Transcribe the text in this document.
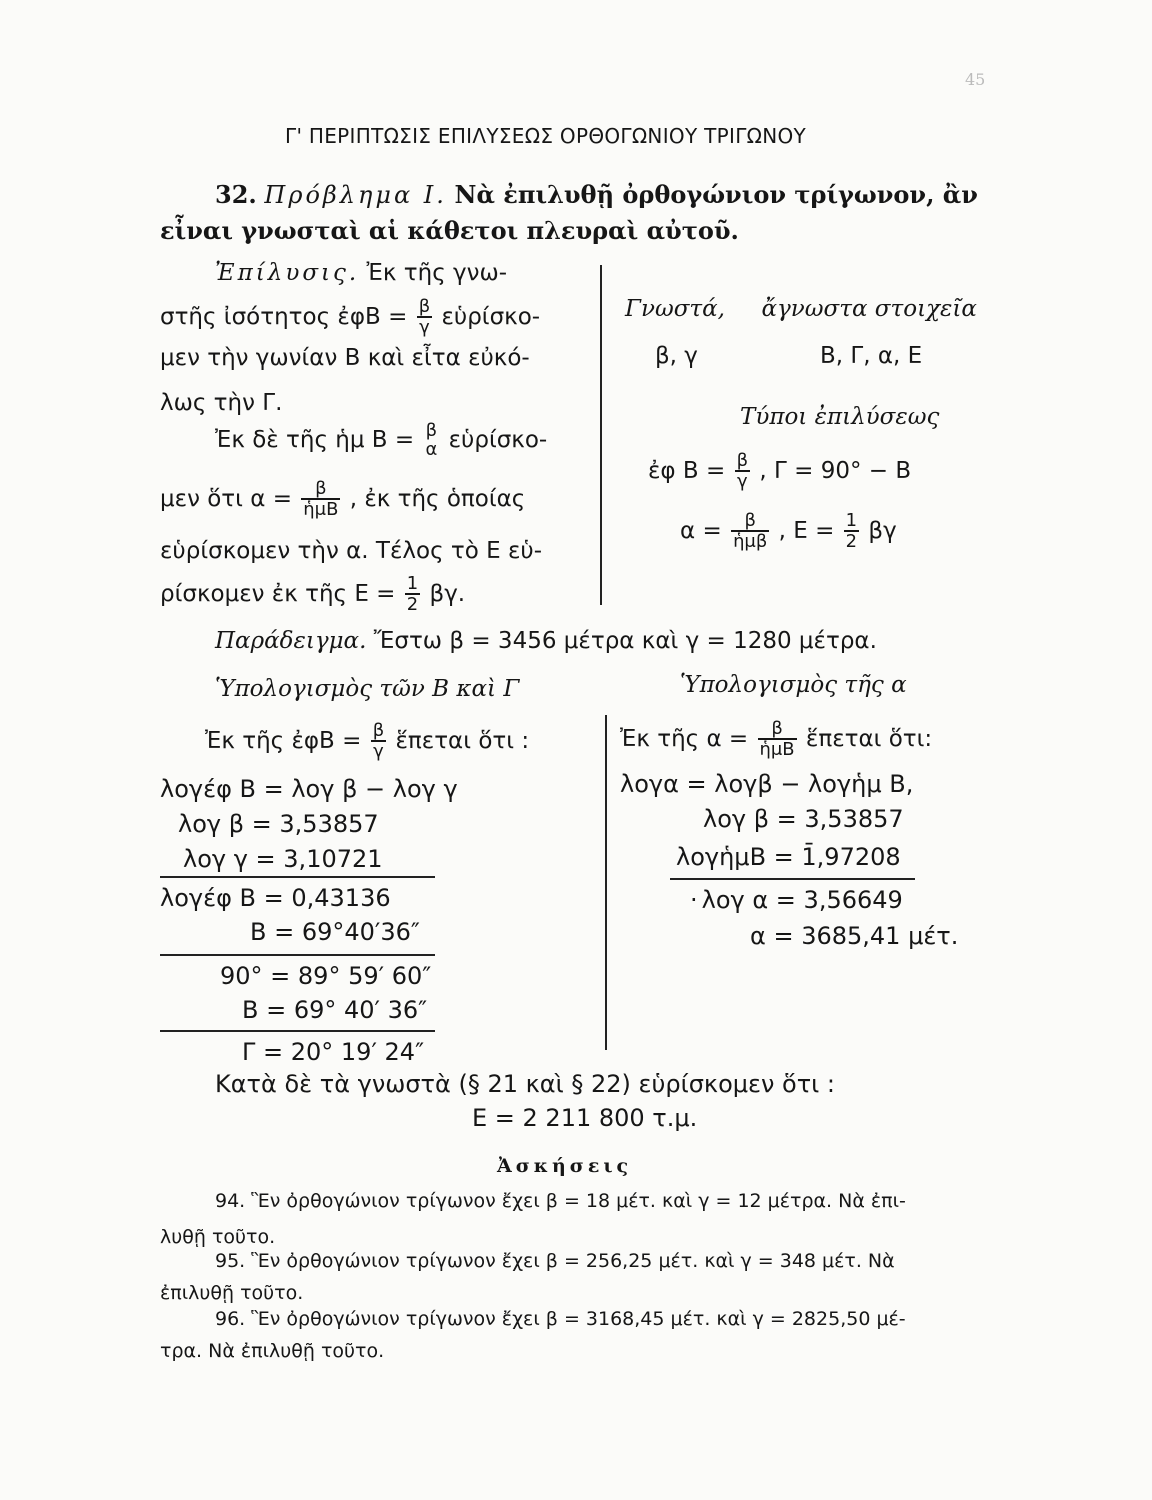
45
Γ' ΠΕΡΙΠΤΩΣΙΣ ΕΠΙΛΥΣΕΩΣ ΟΡΘΟΓΩΝΙΟΥ ΤΡΙΓΩΝΟΥ
32. Πρόβλημα Ι. Νὰ ἐπιλυθῇ ὀρθογώνιον τρίγωνον, ἂν
εἶναι γνωσταὶ αἱ κάθετοι πλευραὶ αὐτοῦ.
Ἐπίλυσις. Ἐκ τῆς γνω-
στῆς ἰσότητος ἐφΒ = $\frac{\beta}{\gamma}$ εὑρίσκο-
μεν τὴν γωνίαν Β καὶ εἶτα εὐκό-
λως τὴν Γ.
Ἐκ δὲ τῆς ἡμ Β = β
α εὑρίσκο-
μεν ὅτι $\alpha = \frac{\beta}{\text{ἡμΒ}}$ , ἐκ τῆς ὁποίας
εὑρίσκομεν τὴν α. Τέλος τὸ Ε εὑ-
ρίσκομεν ἐκ τῆς $E = \frac{1}{2} \beta\gamma$.
Γνωστά,     ἄγνωστα στοιχεῖα
β, γ	Β, Γ, α, Ε
Τύποι ἐπιλύσεως
ἐφ $B = \frac{\beta}{\gamma}$ , Γ = 90° − Β
$\alpha = \frac{\beta}{\text{ἡμβ}}$ , $E = \frac{1}{2}$ βγ
Παράδειγμα. Ἔστω β = 3456 μέτρα καὶ γ = 1280 μέτρα.
Ὑπολογισμὸς τῶν Β καὶ Γ	Ὑπολογισμὸς τῆς α
Ἐκ τῆς ἐφΒ = $\frac{\beta}{\gamma}$ ἕπεται ὅτι :
λογέφ Β = λογ β − λογ γ
λογ β = 3,53857
λογ γ = 3,10721
λογέφ Β = 0,43136
Β = 69°40′36″
90° = 89° 59′ 60″
Β = 69° 40′ 36″
Γ = 20° 19′ 24″
Ἐκ τῆς $\alpha = \frac{\beta}{\text{ἡμΒ}}$ ἕπεται ὅτι:
λογα = λογβ − λογἡμ Β,
λογ β = 3,53857
λογἡμΒ = 1̄,97208
· λογ α = 3,56649
α = 3685,41 μέτ.
Κατὰ δὲ τὰ γνωστὰ (§ 21 καὶ § 22) εὑρίσκομεν ὅτι :
Ε = 2 211 800 τ.μ.
Ἀσκήσεις
94. Ἓν ὀρθογώνιον τρίγωνον ἔχει β = 18 μέτ. καὶ γ = 12 μέτρα. Νὰ ἐπι-
λυθῇ τοῦτο.
95. Ἓν ὀρθογώνιον τρίγωνον ἔχει β = 256,25 μέτ. καὶ γ = 348 μέτ. Νὰ
ἐπιλυθῇ τοῦτο.
96. Ἓν ὀρθογώνιον τρίγωνον ἔχει β = 3168,45 μέτ. καὶ γ = 2825,50 μέ-
τρα. Νὰ ἐπιλυθῇ τοῦτο.
